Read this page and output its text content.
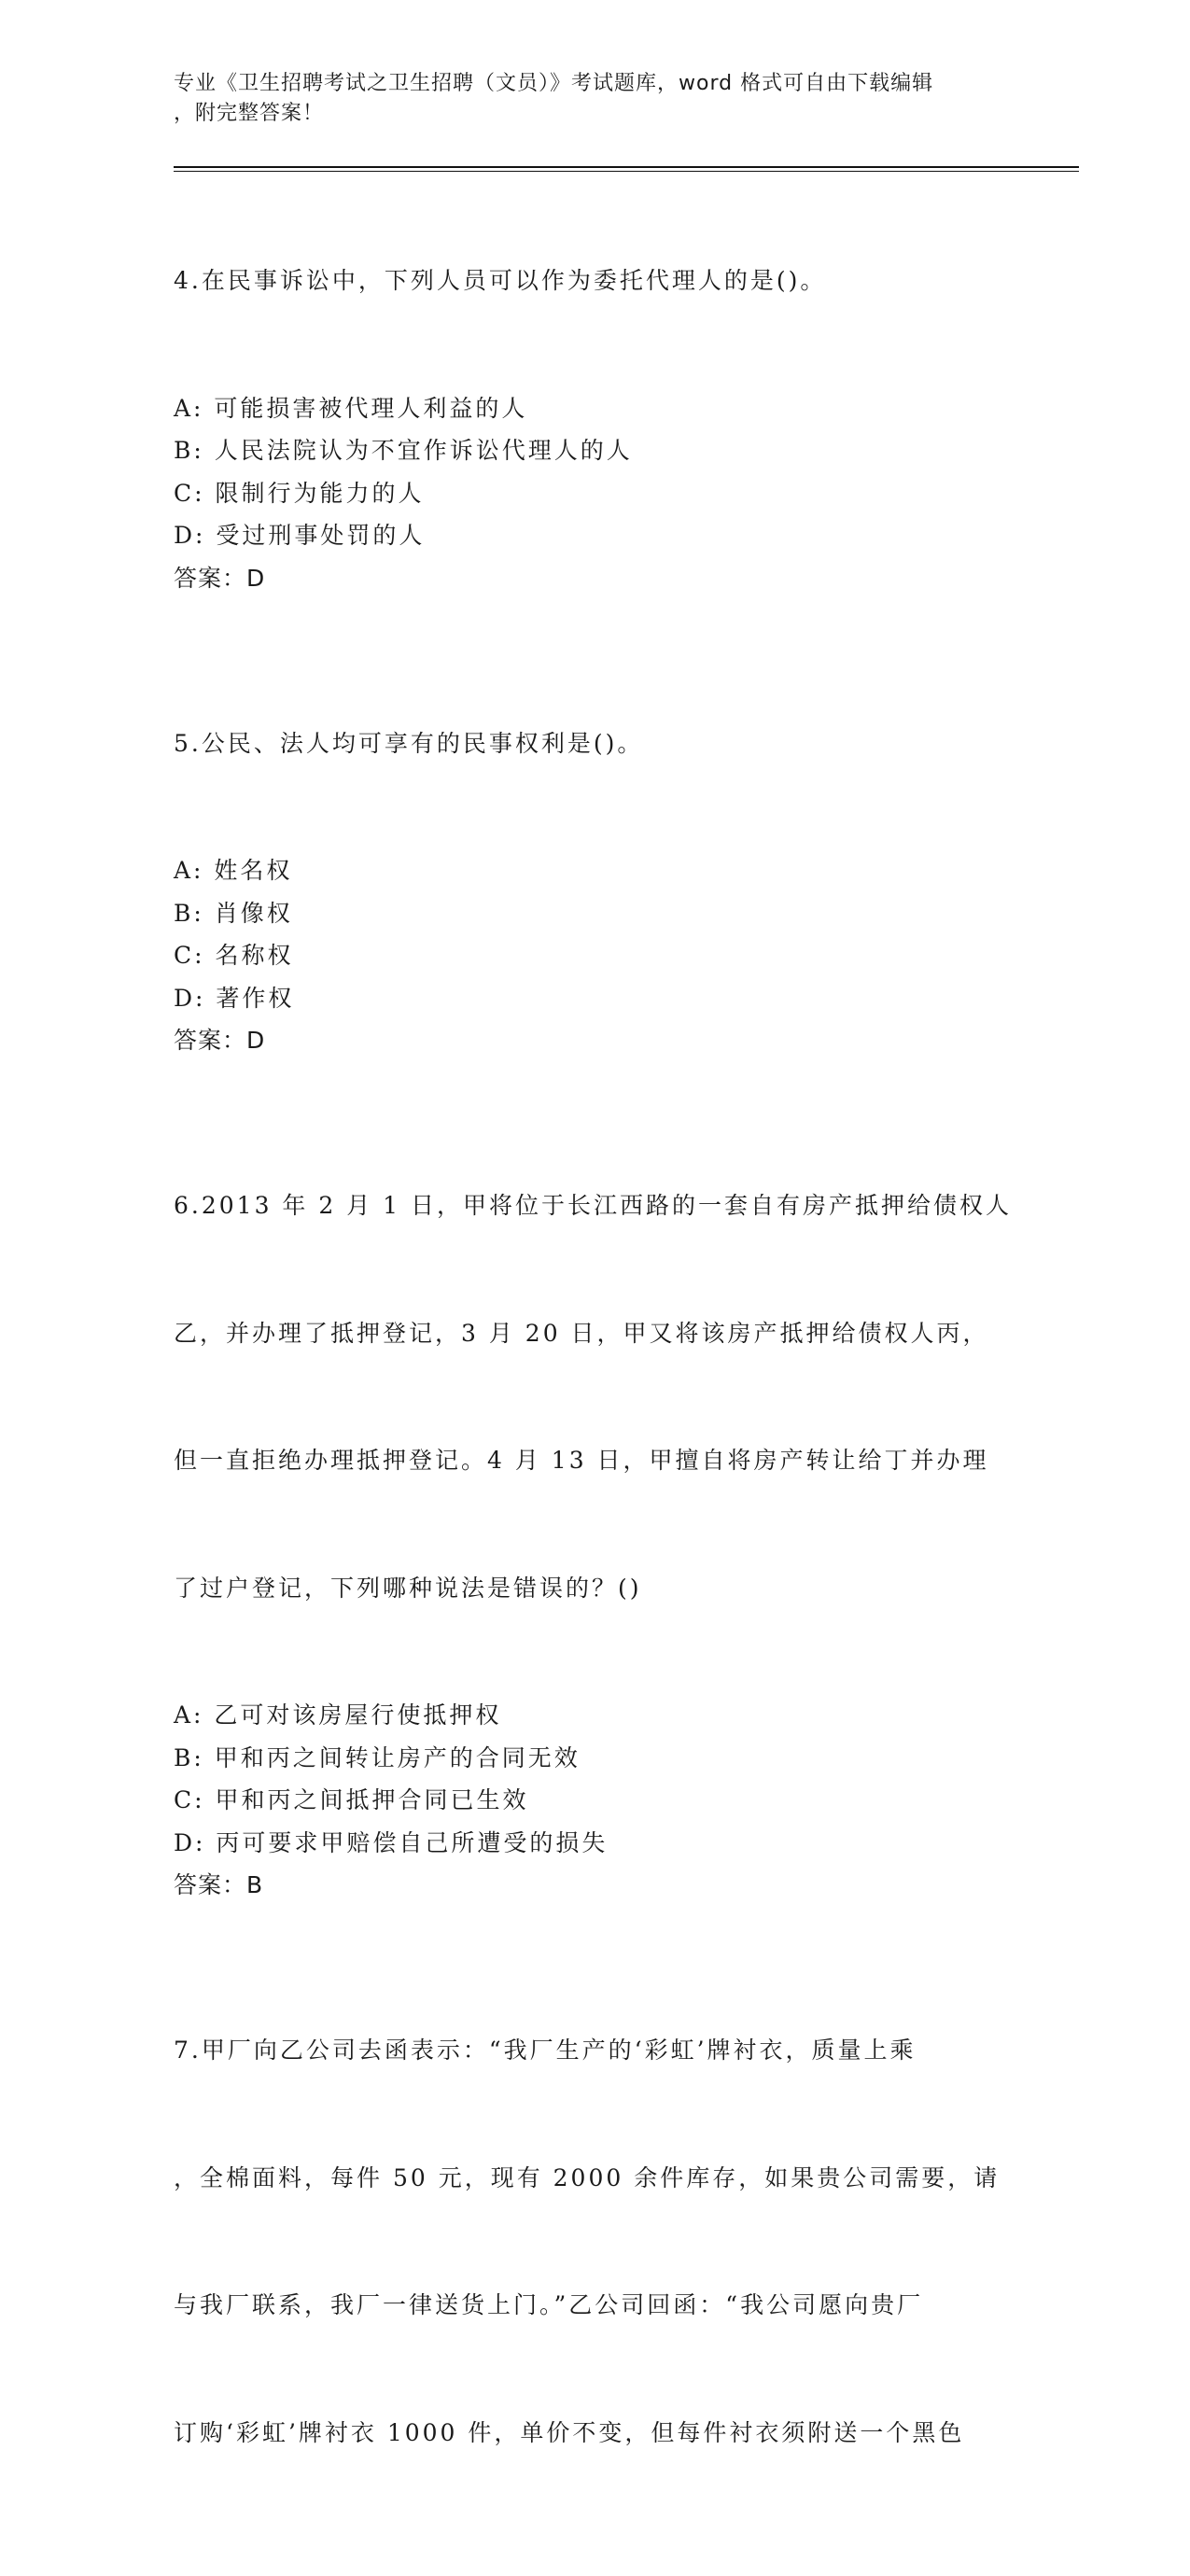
专业《卫生招聘考试之卫生招聘（文员）》考试题库，word 格式可自由下载编辑
，附完整答案！

4.在民事诉讼中，下列人员可以作为委托代理人的是()。

A: 可能损害被代理人利益的人
B: 人民法院认为不宜作诉讼代理人的人
C: 限制行为能力的人
D: 受过刑事处罚的人
答案：D

5.公民、法人均可享有的民事权利是()。

A: 姓名权
B: 肖像权
C: 名称权
D: 著作权
答案：D

6.2013 年 2 月 1 日，甲将位于长江西路的一套自有房产抵押给债权人

乙，并办理了抵押登记，3 月 20 日，甲又将该房产抵押给债权人丙，

但一直拒绝办理抵押登记。4 月 13 日，甲擅自将房产转让给丁并办理

了过户登记，下列哪种说法是错误的？()

A: 乙可对该房屋行使抵押权
B: 甲和丙之间转让房产的合同无效
C: 甲和丙之间抵押合同已生效
D: 丙可要求甲赔偿自己所遭受的损失
答案：B

7.甲厂向乙公司去函表示：“我厂生产的‘彩虹’牌衬衣，质量上乘

，全棉面料，每件 50 元，现有 2000 余件库存，如果贵公司需要，请

与我厂联系，我厂一律送货上门。”乙公司回函：“我公司愿向贵厂

订购‘彩虹’牌衬衣 1000 件，单价不变，但每件衬衣须附送一个黑色
